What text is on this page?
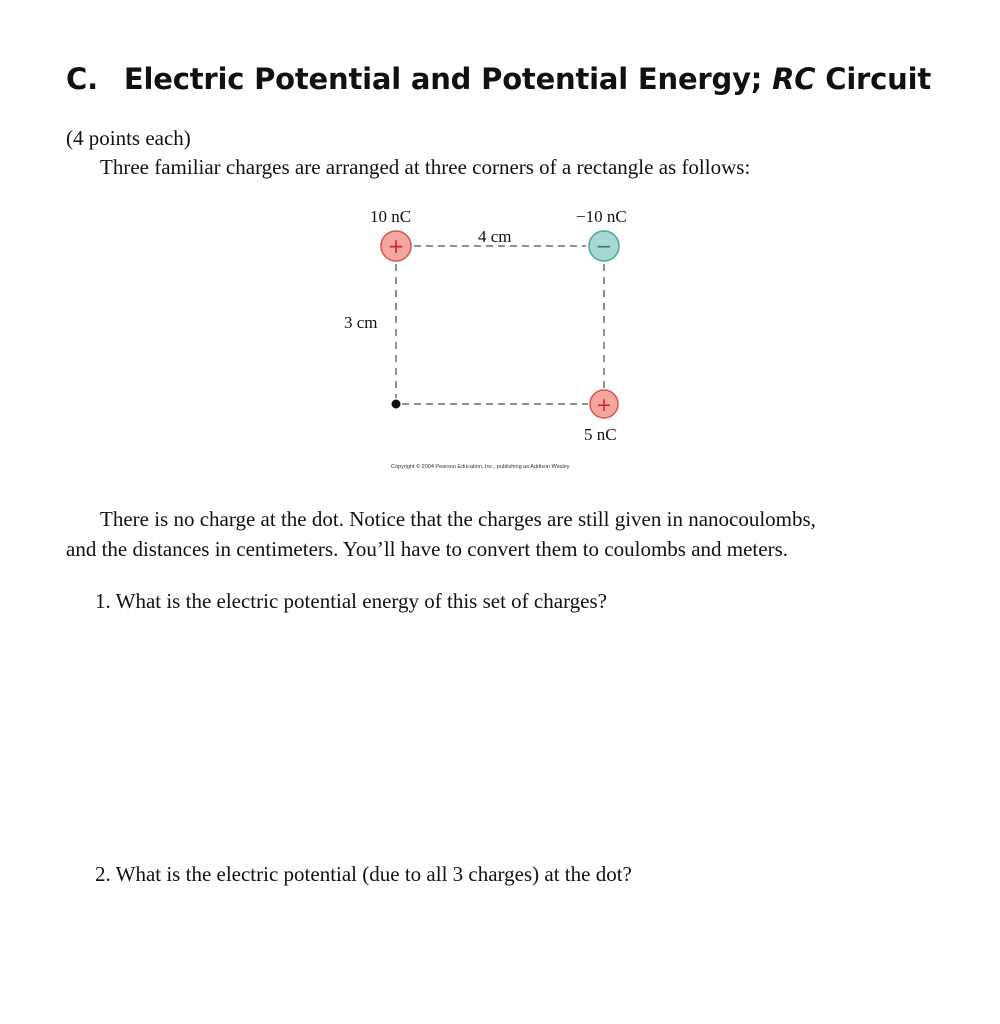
C. Electric Potential and Potential Energy; RC Circuit
(4 points each)
Three familiar charges are arranged at three corners of a rectangle as follows:
+	−
+
10 nC	−10 nC
4 cm
3 cm
5 nC
Copyright © 2004 Pearson Education, Inc., publishing as Addison Wesley
There is no charge at the dot. Notice that the charges are still given in nanocoulombs,
and the distances in centimeters. You’ll have to convert them to coulombs and meters.
1. What is the electric potential energy of this set of charges?
2. What is the electric potential (due to all 3 charges) at the dot?
